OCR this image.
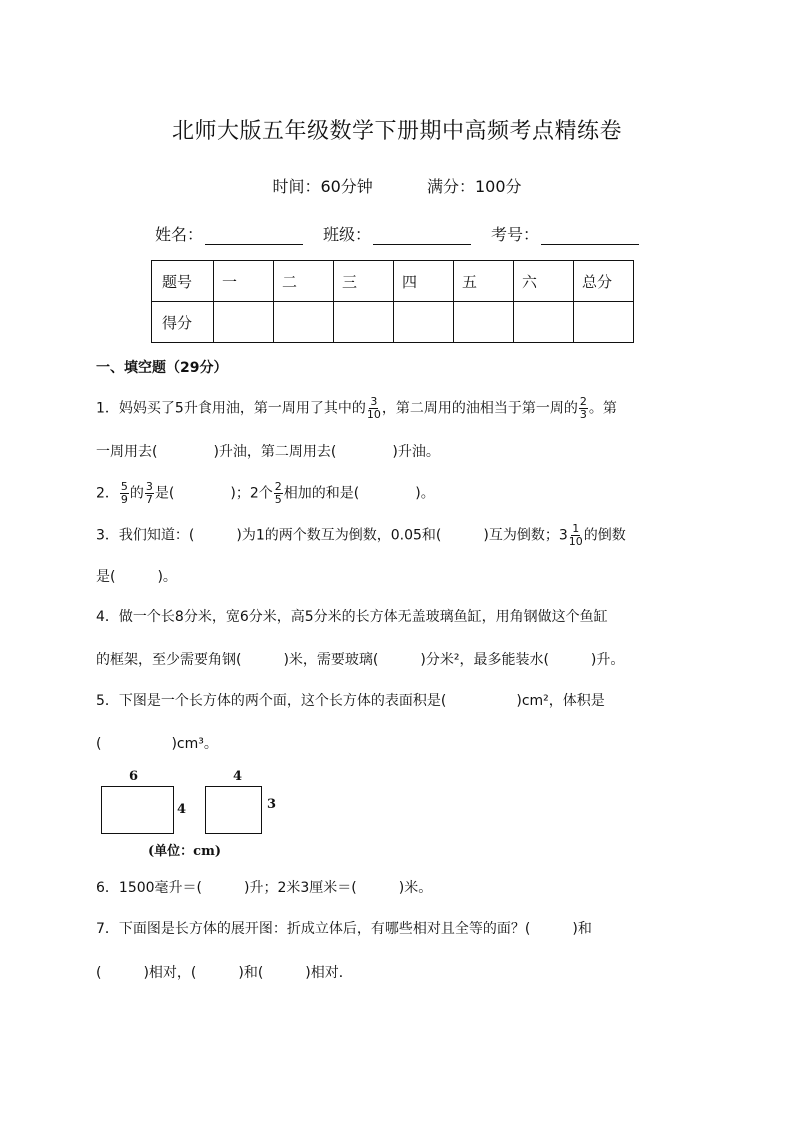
北师大版五年级数学下册期中高频考点精练卷
时间：60分钟	满分：100分
姓名：	班级：	考号：
题号	一	二	三	四	五	六	总分
得分							
一、填空题（29分）
1．妈妈买了5升食用油，第一周用了其中的 $\frac{3}{10}$ ，第二周用的油相当于第一周的 $\frac{2}{3}$ 。第
一周用去(　　　　)升油，第二周用去(　　　　)升油。
2． $\frac{5}{9}$ 的 $\frac{3}{7}$ 是(　　　　)；2个 $\frac{2}{5}$ 相加的和是(　　　　)。
3．我们知道：(　　　)为1的两个数互为倒数，0.05和(　　　)互为倒数；$3 \frac{1}{10}$ 的倒数
是(　　　)。
4．做一个长8分米，宽6分米，高5分米的长方体无盖玻璃鱼缸，用角钢做这个鱼缸
的框架，至少需要角钢(　　　)米，需要玻璃(　　　)分米²，最多能装水(　　　)升。
5．下图是一个长方体的两个面，这个长方体的表面积是(　　　　　)cm²，体积是
(　　　　　)cm³。
6
4
4
3
(单位：cm)
6．1500毫升＝(　　　)升；2米3厘米＝(　　　)米。
7．下面图是长方体的展开图：折成立体后，有哪些相对且全等的面？(　　　)和
(　　　)相对，(　　　)和(　　　)相对．
